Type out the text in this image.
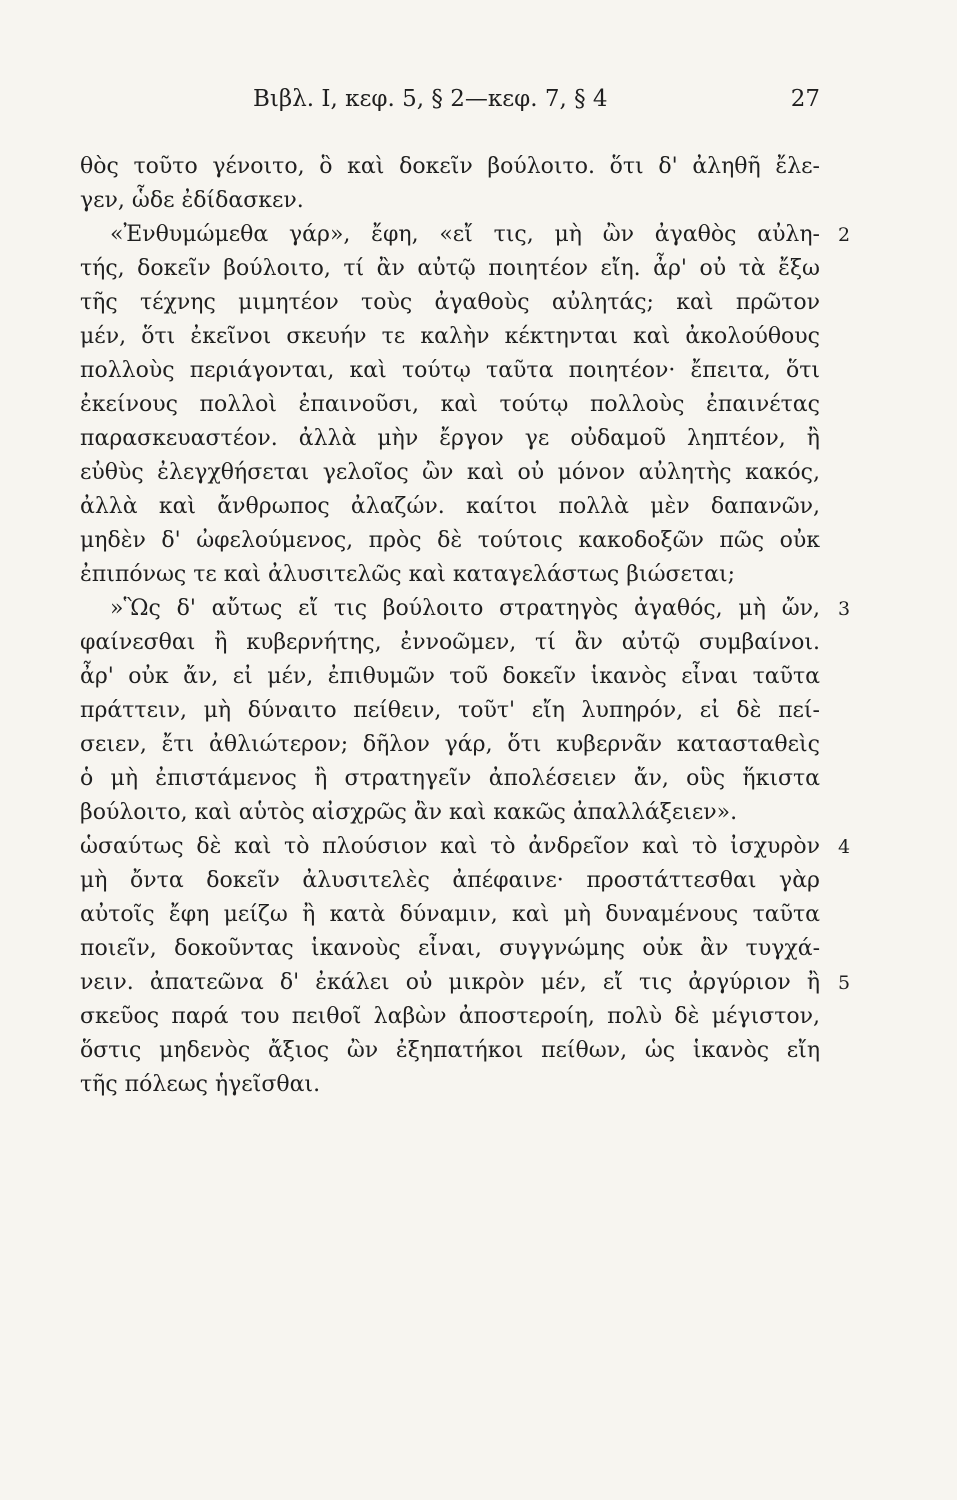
Βιβλ. I, κεφ. 5, § 2—κεφ. 7, § 4	27
θὸς τοῦτο γένοιτο, ὃ καὶ δοκεῖν βούλοιτο. ὅτι δ' ἀληθῆ ἔλε-
γεν, ὧδε ἐδίδασκεν.
«Ἐνθυμώμεθα γάρ», ἔφη, «εἴ τις, μὴ ὢν ἀγαθὸς αὐλη-
τής, δοκεῖν βούλοιτο, τί ἂν αὐτῷ ποιητέον εἴη. ἆρ' οὐ τὰ ἔξω
τῆς τέχνης μιμητέον τοὺς ἀγαθοὺς αὐλητάς; καὶ πρῶτον
μέν, ὅτι ἐκεῖνοι σκευήν τε καλὴν κέκτηνται καὶ ἀκολούθους
πολλοὺς περιάγονται, καὶ τούτῳ ταῦτα ποιητέον· ἔπειτα, ὅτι
ἐκείνους πολλοὶ ἐπαινοῦσι, καὶ τούτῳ πολλοὺς ἐπαινέτας
παρασκευαστέον. ἀλλὰ μὴν ἔργον γε οὐδαμοῦ ληπτέον, ἢ
εὐθὺς ἐλεγχθήσεται γελοῖος ὢν καὶ οὐ μόνον αὐλητὴς κακός,
ἀλλὰ καὶ ἄνθρωπος ἀλαζών. καίτοι πολλὰ μὲν δαπανῶν,
μηδὲν δ' ὠφελούμενος, πρὸς δὲ τούτοις κακοδοξῶν πῶς οὐκ
ἐπιπόνως τε καὶ ἀλυσιτελῶς καὶ καταγελάστως βιώσεται;
»Ὣς δ' αὔτως εἴ τις βούλοιτο στρατηγὸς ἀγαθός, μὴ ὤν,
φαίνεσθαι ἢ κυβερνήτης, ἐννοῶμεν, τί ἂν αὐτῷ συμβαίνοι.
ἆρ' οὐκ ἄν, εἰ μέν, ἐπιθυμῶν τοῦ δοκεῖν ἱκανὸς εἶναι ταῦτα
πράττειν, μὴ δύναιτο πείθειν, τοῦτ' εἴη λυπηρόν, εἰ δὲ πεί-
σειεν, ἔτι ἀθλιώτερον; δῆλον γάρ, ὅτι κυβερνᾶν κατασταθεὶς
ὁ μὴ ἐπιστάμενος ἢ στρατηγεῖν ἀπολέσειεν ἄν, οὓς ἥκιστα
βούλοιτο, καὶ αὑτὸς αἰσχρῶς ἂν καὶ κακῶς ἀπαλλάξειεν».
ὡσαύτως δὲ καὶ τὸ πλούσιον καὶ τὸ ἀνδρεῖον καὶ τὸ ἰσχυρὸν
μὴ ὄντα δοκεῖν ἀλυσιτελὲς ἀπέφαινε· προστάττεσθαι γὰρ
αὐτοῖς ἔφη μείζω ἢ κατὰ δύναμιν, καὶ μὴ δυναμένους ταῦτα
ποιεῖν, δοκοῦντας ἱκανοὺς εἶναι, συγγνώμης οὐκ ἂν τυγχά-
νειν. ἀπατεῶνα δ' ἐκάλει οὐ μικρὸν μέν, εἴ τις ἀργύριον ἢ
σκεῦος παρά του πειθοῖ λαβὼν ἀποστεροίη, πολὺ δὲ μέγιστον,
ὅστις μηδενὸς ἄξιος ὢν ἐξηπατήκοι πείθων, ὡς ἱκανὸς εἴη
τῆς πόλεως ἡγεῖσθαι.
2
3
4
5
